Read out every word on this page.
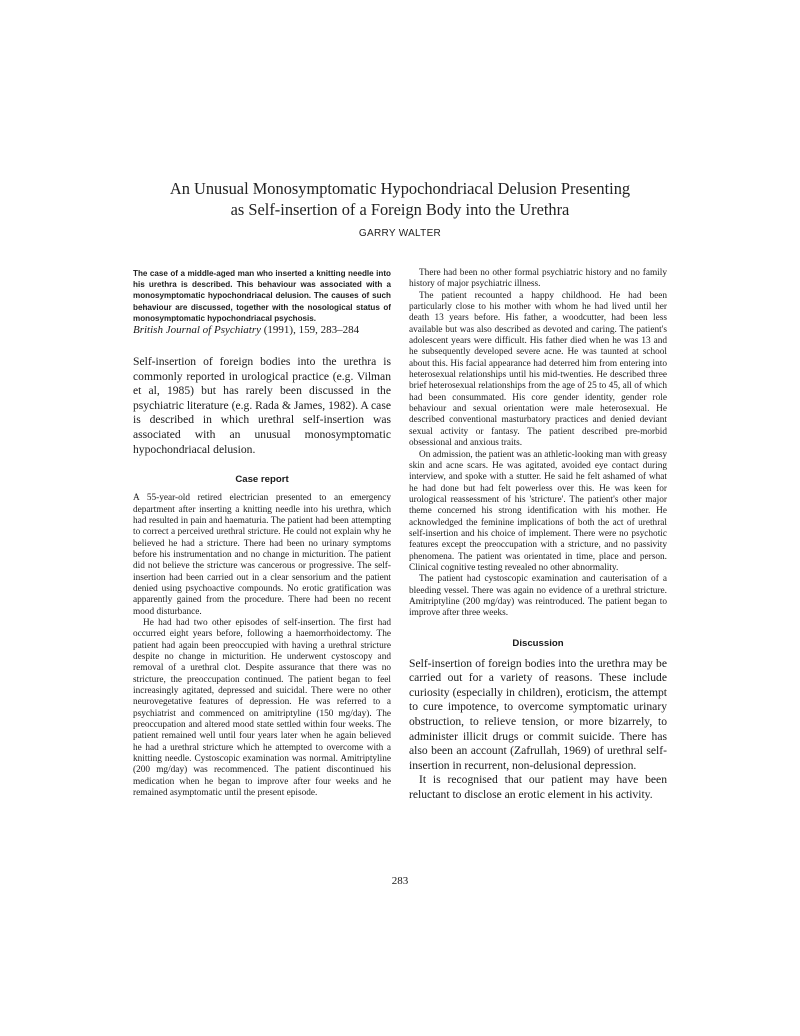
An Unusual Monosymptomatic Hypochondriacal Delusion Presenting
as Self-insertion of a Foreign Body into the Urethra
GARRY WALTER

The case of a middle-aged man who inserted a knitting needle into his urethra is described. This behaviour was associated with a monosymptomatic hypochondriacal delusion. The causes of such behaviour are discussed, together with the nosological status of monosymptomatic hypochondriacal psychosis.

British Journal of Psychiatry (1991), 159, 283–284

Self-insertion of foreign bodies into the urethra is commonly reported in urological practice (e.g. Vilman et al, 1985) but has rarely been discussed in the psychiatric literature (e.g. Rada & James, 1982). A case is described in which urethral self-insertion was associated with an unusual monosymptomatic hypochondriacal delusion.

Case report

A 55-year-old retired electrician presented to an emergency department after inserting a knitting needle into his urethra, which had resulted in pain and haematuria. The patient had been attempting to correct a perceived urethral stricture. He could not explain why he believed he had a stricture. There had been no urinary symptoms before his instrumentation and no change in micturition. The patient did not believe the stricture was cancerous or progressive. The self-insertion had been carried out in a clear sensorium and the patient denied using psychoactive compounds. No erotic gratification was apparently gained from the procedure. There had been no recent mood disturbance.

He had had two other episodes of self-insertion. The first had occurred eight years before, following a haemorrhoidectomy. The patient had again been preoccupied with having a urethral stricture despite no change in micturition. He underwent cystoscopy and removal of a urethral clot. Despite assurance that there was no stricture, the preoccupation continued. The patient began to feel increasingly agitated, depressed and suicidal. There were no other neurovegetative features of depression. He was referred to a psychiatrist and commenced on amitriptyline (150 mg/day). The preoccupation and altered mood state settled within four weeks. The patient remained well until four years later when he again believed he had a urethral stricture which he attempted to overcome with a knitting needle. Cystoscopic examination was normal. Amitriptyline (200 mg/day) was recommenced. The patient discontinued his medication when he began to improve after four weeks and he remained asymptomatic until the present episode.

There had been no other formal psychiatric history and no family history of major psychiatric illness.

The patient recounted a happy childhood. He had been particularly close to his mother with whom he had lived until her death 13 years before. His father, a woodcutter, had been less available but was also described as devoted and caring. The patient's adolescent years were difficult. His father died when he was 13 and he subsequently developed severe acne. He was taunted at school about this. His facial appearance had deterred him from entering into heterosexual relationships until his mid-twenties. He described three brief heterosexual relationships from the age of 25 to 45, all of which had been consummated. His core gender identity, gender role behaviour and sexual orientation were male heterosexual. He described conventional masturbatory practices and denied deviant sexual activity or fantasy. The patient described pre-morbid obsessional and anxious traits.

On admission, the patient was an athletic-looking man with greasy skin and acne scars. He was agitated, avoided eye contact during interview, and spoke with a stutter. He said he felt ashamed of what he had done but had felt powerless over this. He was keen for urological reassessment of his 'stricture'. The patient's other major theme concerned his strong identification with his mother. He acknowledged the feminine implications of both the act of urethral self-insertion and his choice of implement. There were no psychotic features except the preoccupation with a stricture, and no passivity phenomena. The patient was orientated in time, place and person. Clinical cognitive testing revealed no other abnormality.

The patient had cystoscopic examination and cauterisation of a bleeding vessel. There was again no evidence of a urethral stricture. Amitriptyline (200 mg/day) was reintroduced. The patient began to improve after three weeks.

Discussion

Self-insertion of foreign bodies into the urethra may be carried out for a variety of reasons. These include curiosity (especially in children), eroticism, the attempt to cure impotence, to overcome symptomatic urinary obstruction, to relieve tension, or more bizarrely, to administer illicit drugs or commit suicide. There has also been an account (Zafrullah, 1969) of urethral self-insertion in recurrent, non-delusional depression.

It is recognised that our patient may have been reluctant to disclose an erotic element in his activity.

283
